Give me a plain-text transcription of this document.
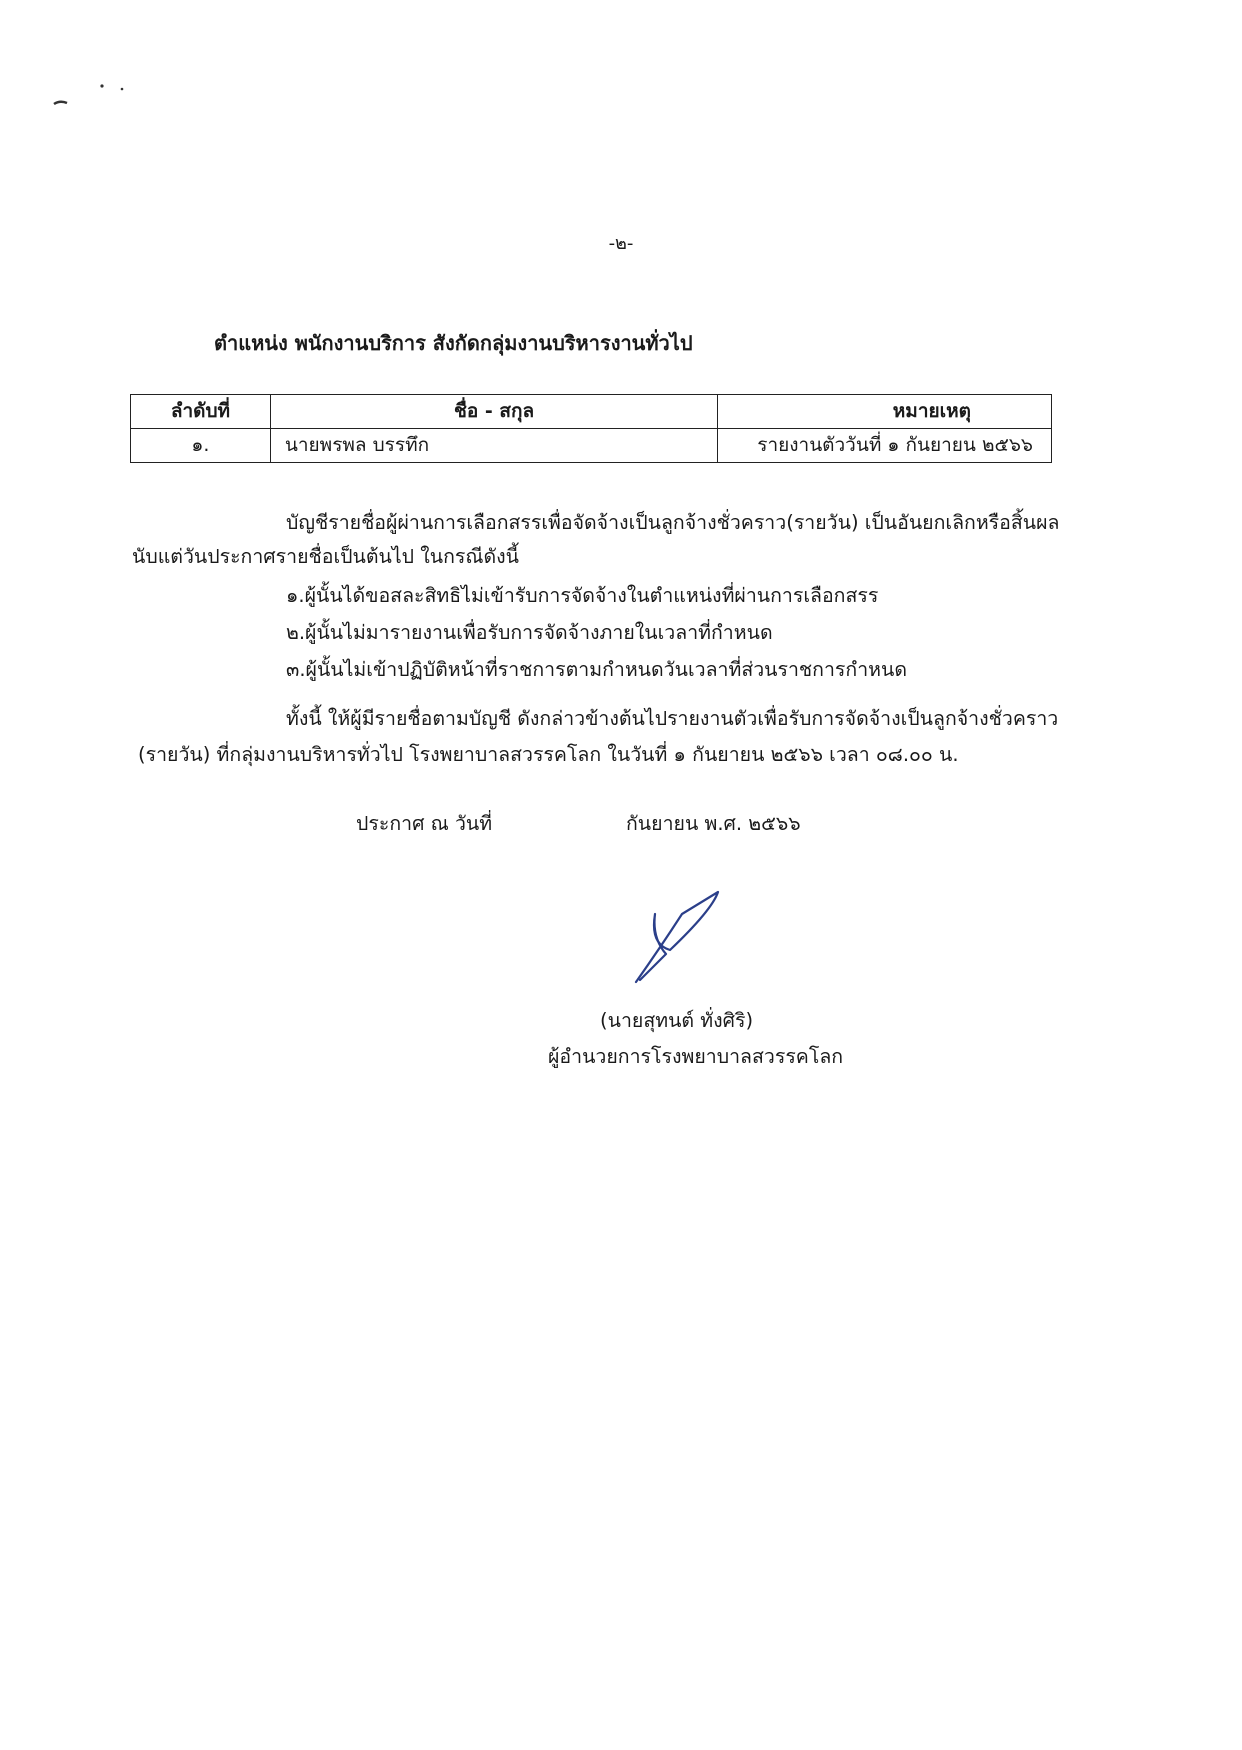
-๒-
ตำแหน่ง พนักงานบริการ สังกัดกลุ่มงานบริหารงานทั่วไป
ลำดับที่	ชื่อ - สกุล	หมายเหตุ
๑.	นายพรพล บรรทึก	รายงานตัววันที่ ๑ กันยายน ๒๕๖๖
บัญชีรายชื่อผู้ผ่านการเลือกสรรเพื่อจัดจ้างเป็นลูกจ้างชั่วคราว(รายวัน) เป็นอันยกเลิกหรือสิ้นผล
นับแต่วันประกาศรายชื่อเป็นต้นไป ในกรณีดังนี้
๑.ผู้นั้นได้ขอสละสิทธิไม่เข้ารับการจัดจ้างในตำแหน่งที่ผ่านการเลือกสรร
๒.ผู้นั้นไม่มารายงานเพื่อรับการจัดจ้างภายในเวลาที่กำหนด
๓.ผู้นั้นไม่เข้าปฏิบัติหน้าที่ราชการตามกำหนดวันเวลาที่ส่วนราชการกำหนด
ทั้งนี้ ให้ผู้มีรายชื่อตามบัญชี ดังกล่าวข้างต้นไปรายงานตัวเพื่อรับการจัดจ้างเป็นลูกจ้างชั่วคราว
(รายวัน) ที่กลุ่มงานบริหารทั่วไป โรงพยาบาลสวรรคโลก ในวันที่ ๑ กันยายน ๒๕๖๖ เวลา ๐๘.๐๐ น.
ประกาศ ณ วันที่	กันยายน พ.ศ. ๒๕๖๖
(นายสุทนต์ ทั่งศิริ)
ผู้อำนวยการโรงพยาบาลสวรรคโลก
